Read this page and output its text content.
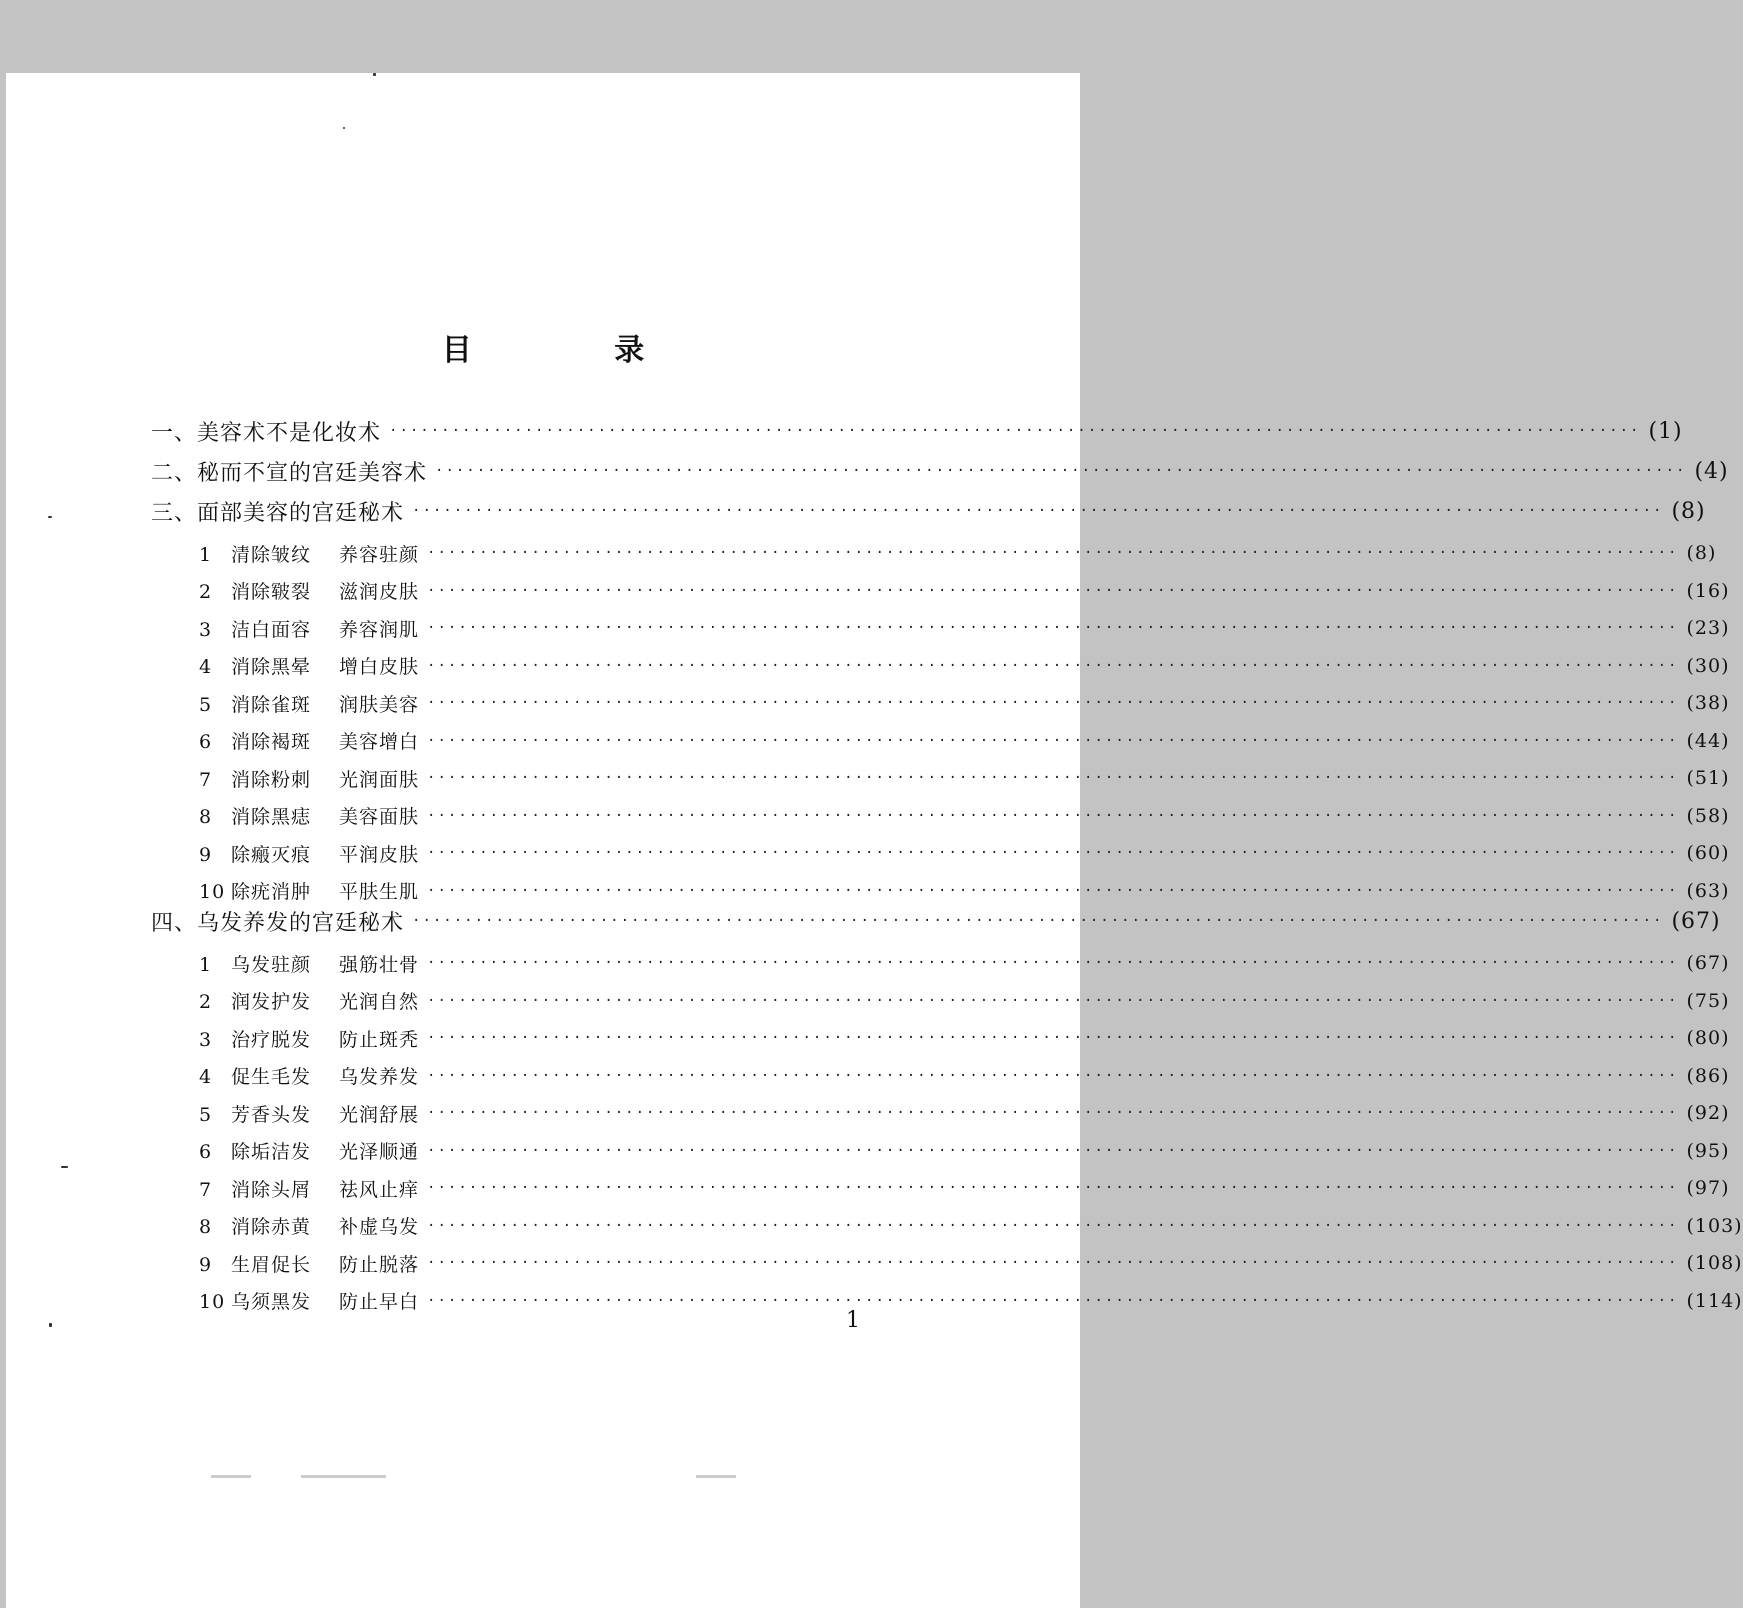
目 录
一、美容术不是化妆术 ························································································································ (1)
二、秘而不宣的宫廷美容术 ························································································································ (4)
三、面部美容的宫廷秘术 ························································································································ (8)
1 清除皱纹 养容驻颜 ························································································································ (8)
2 消除皲裂 滋润皮肤 ························································································································ (16)
3 洁白面容 养容润肌 ························································································································ (23)
4 消除黑晕 增白皮肤 ························································································································ (30)
5 消除雀斑 润肤美容 ························································································································ (38)
6 消除褐斑 美容增白 ························································································································ (44)
7 消除粉刺 光润面肤 ························································································································ (51)
8 消除黑痣 美容面肤 ························································································································ (58)
9 除瘢灭痕 平润皮肤 ························································································································ (60)
10 除疣消肿 平肤生肌 ························································································································ (63)
四、乌发养发的宫廷秘术 ························································································································ (67)
1 乌发驻颜 强筋壮骨 ························································································································ (67)
2 润发护发 光润自然 ························································································································ (75)
3 治疗脱发 防止斑秃 ························································································································ (80)
4 促生毛发 乌发养发 ························································································································ (86)
5 芳香头发 光润舒展 ························································································································ (92)
6 除垢洁发 光泽顺通 ························································································································ (95)
7 消除头屑 祛风止痒 ························································································································ (97)
8 消除赤黄 补虚乌发 ························································································································ (103)
9 生眉促长 防止脱落 ························································································································ (108)
10 乌须黑发 防止早白 ························································································································ (114)
1
